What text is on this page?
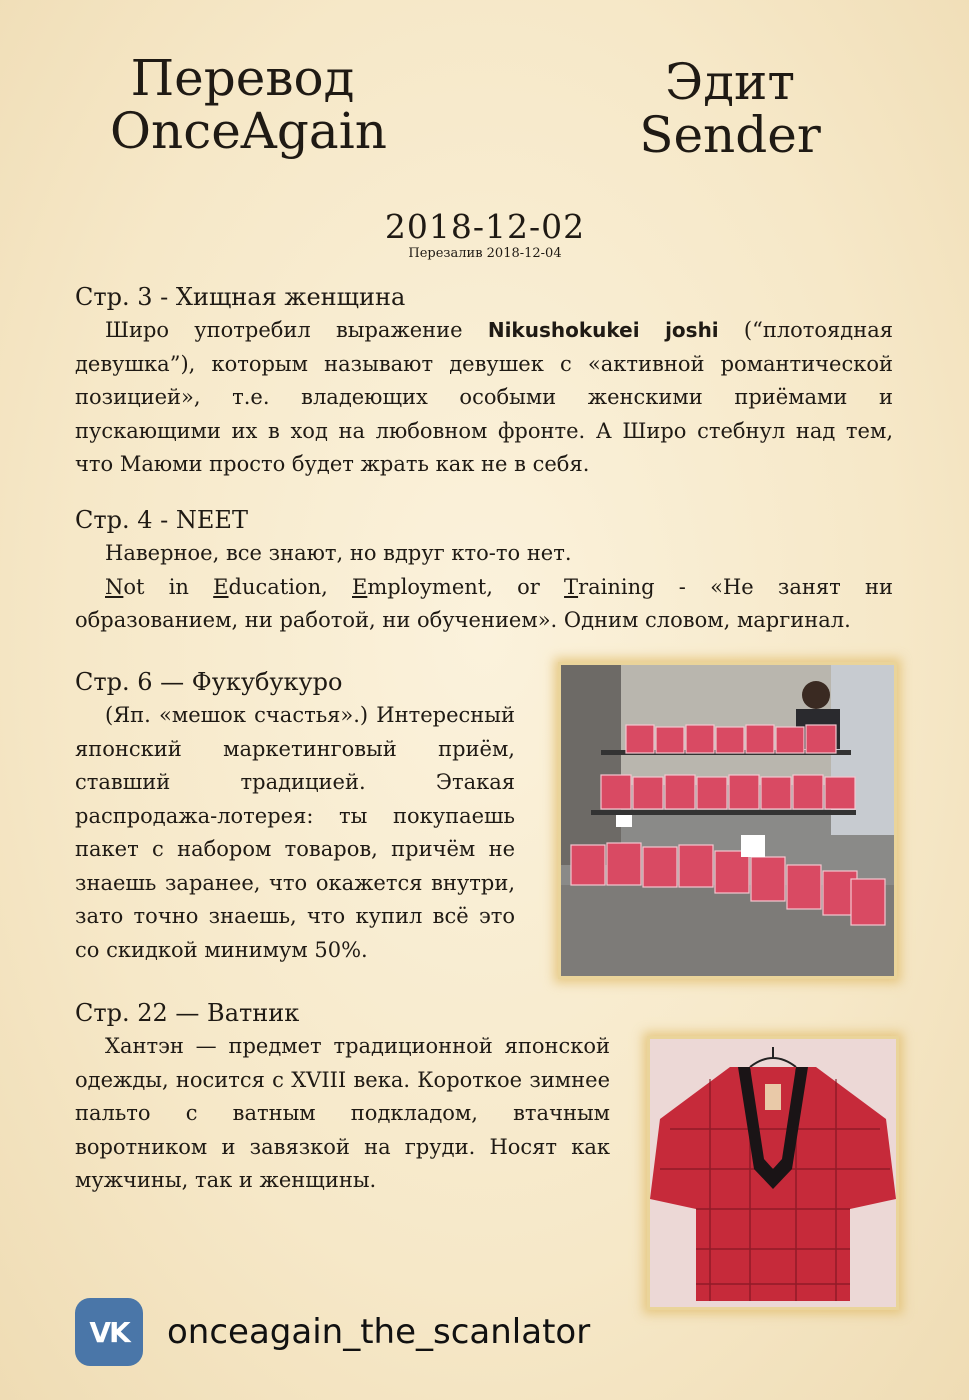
Перевод
OnceAgain
Эдит
Sender
2018-12-02
Перезалив 2018-12-04
Стр. 3 - Хищная женщина

Широ употребил выражение Nikushokukei joshi (“плотоядная девушка”), которым называют девушек с «активной романтической позицией», т.е. владеющих особыми женскими приёмами и пускающими их в ход на любовном фронте. А Широ стебнул над тем, что Маюми просто будет жрать как не в себя.

Стр. 4 - NEET

Наверное, все знают, но вдруг кто-то нет.

Not in Education, Employment, or Training - «Не занят ни образованием, ни работой, ни обучением». Одним словом, маргинал.

Стр. 6 — Фукубукуро

(Яп. «мешок счастья».) Интересный японский маркетинговый приём, ставший традицией. Этакая распродажа-лотерея: ты покупаешь пакет с набором товаров, причём не знаешь заранее, что окажется внутри, зато точно знаешь, что купил всё это со скидкой минимум 50%.

Стр. 22 — Ватник

Хантэн — предмет традиционной японской одежды, носится с XVIII века. Короткое зимнее пальто с ватным подкладом, втачным воротником и завязкой на груди. Носят как мужчины, так и женщины.

VK onceagain_the_scanlator
